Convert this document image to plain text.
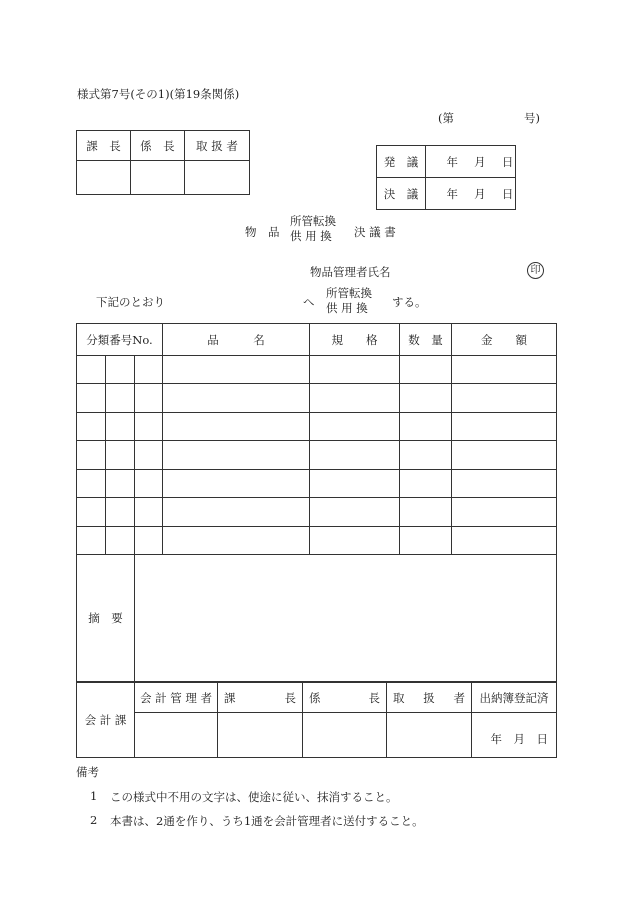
様式第7号(その1)(第19条関係)
(第	号)
課　長	係　長	取 扱 者

発　議	年 月 日
決　議	年 月 日
物　品
所管転換
供 用 換	決 議 書
物品管理者氏名	印
下記のとおり	へ
所管転換
供 用 換	する。
分類番号No.			品　　　名	規　　格	数　量	金　　額

摘　要						
会 計 課	会 計 管 理 者	課　　長	係　　長	取　扱　者	出納簿登記済
					年　月　日
備考
1 この様式中不用の文字は、使途に従い、抹消すること。
2 本書は、2通を作り、うち1通を会計管理者に送付すること。
